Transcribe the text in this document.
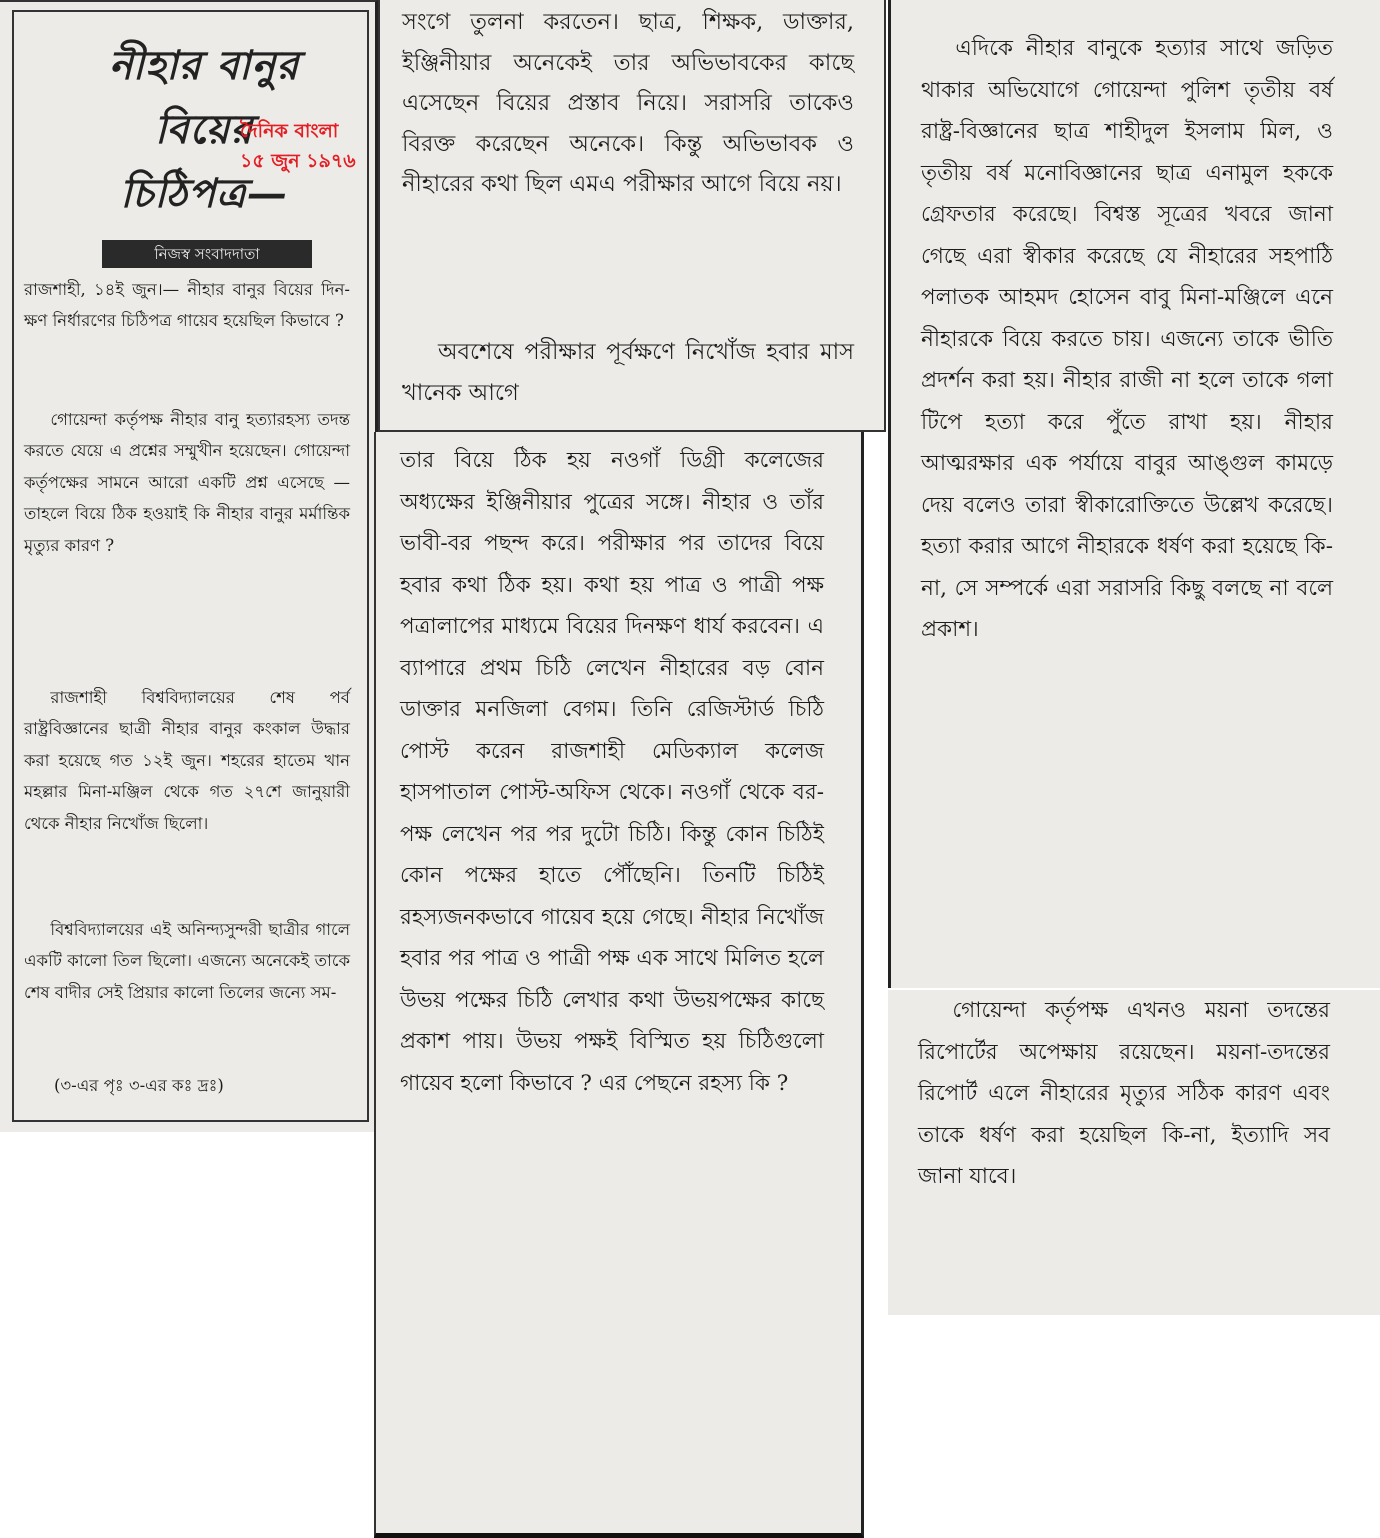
নীহার বানুর
বিয়ের
চিঠিপত্র—
নিজস্ব সংবাদদাতা
রাজশাহী, ১৪ই জুন।— নীহার বানুর বিয়ের দিন-ক্ষণ নির্ধারণের চিঠিপত্র গায়েব হয়েছিল কিভাবে ?
গোয়েন্দা কর্তৃপক্ষ নীহার বানু হত্যারহস্য তদন্ত করতে যেয়ে এ প্রশ্নের সম্মুখীন হয়েছেন। গোয়েন্দা কর্তৃপক্ষের সামনে আরো একটি প্রশ্ন এসেছে —তাহলে বিয়ে ঠিক হওয়াই কি নীহার বানুর মর্মান্তিক মৃত্যুর কারণ ?
রাজশাহী বিশ্ববিদ্যালয়ের শেষ পর্ব রাষ্ট্রবিজ্ঞানের ছাত্রী নীহার বানুর কংকাল উদ্ধার করা হয়েছে গত ১২ই জুন। শহরের হাতেম খান মহল্লার মিনা-মঞ্জিল থেকে গত ২৭শে জানুয়ারী থেকে নীহার নিখোঁজ ছিলো।
বিশ্ববিদ্যালয়ের এই অনিন্দ্যসুন্দরী ছাত্রীর গালে একটি কালো তিল ছিলো। এজন্যে অনেকেই তাকে শেষ বাদীর সেই প্রিয়ার কালো তিলের জন্যে সম-
(৩-এর পৃঃ ৩-এর কঃ দ্রঃ)
দৈনিক বাংলা
১৫ জুন ১৯৭৬
সংগে তুলনা করতেন। ছাত্র, শিক্ষক, ডাক্তার, ইঞ্জিনীয়ার অনেকেই তার অভিভাবকের কাছে এসেছেন বিয়ের প্রস্তাব নিয়ে। সরাসরি তাকেও বিরক্ত করেছেন অনেকে। কিন্তু অভিভাবক ও নীহারের কথা ছিল এমএ পরীক্ষার আগে বিয়ে নয়।
অবশেষে পরীক্ষার পূর্বক্ষণে নিখোঁজ হবার মাস খানেক আগে
তার বিয়ে ঠিক হয় নওগাঁ ডিগ্রী কলেজের অধ্যক্ষের ইঞ্জিনীয়ার পুত্রের সঙ্গে। নীহার ও তাঁর ভাবী-বর পছন্দ করে। পরীক্ষার পর তাদের বিয়ে হবার কথা ঠিক হয়। কথা হয় পাত্র ও পাত্রী পক্ষ পত্রালাপের মাধ্যমে বিয়ের দিনক্ষণ ধার্য করবেন। এ ব্যাপারে প্রথম চিঠি লেখেন নীহারের বড় বোন ডাক্তার মনজিলা বেগম। তিনি রেজিস্টার্ড চিঠি পোস্ট করেন রাজশাহী মেডিক্যাল কলেজ হাসপাতাল পোস্ট-অফিস থেকে। নওগাঁ থেকে বর-পক্ষ লেখেন পর পর দুটো চিঠি। কিন্তু কোন চিঠিই কোন পক্ষের হাতে পৌঁছেনি। তিনটি চিঠিই রহস্যজনকভাবে গায়েব হয়ে গেছে। নীহার নিখোঁজ হবার পর পাত্র ও পাত্রী পক্ষ এক সাথে মিলিত হলে উভয় পক্ষের চিঠি লেখার কথা উভয়পক্ষের কাছে প্রকাশ পায়। উভয় পক্ষই বিস্মিত হয় চিঠিগুলো গায়েব হলো কিভাবে ? এর পেছনে রহস্য কি ?
এদিকে নীহার বানুকে হত্যার সাথে জড়িত থাকার অভিযোগে গোয়েন্দা পুলিশ তৃতীয় বর্ষ রাষ্ট্র-বিজ্ঞানের ছাত্র শাহীদুল ইসলাম মিল, ও তৃতীয় বর্ষ মনোবিজ্ঞানের ছাত্র এনামুল হককে গ্রেফতার করেছে। বিশ্বস্ত সূত্রের খবরে জানা গেছে এরা স্বীকার করেছে যে নীহারের সহপাঠি পলাতক আহমদ হোসেন বাবু মিনা-মঞ্জিলে এনে নীহারকে বিয়ে করতে চায়। এজন্যে তাকে ভীতি প্রদর্শন করা হয়। নীহার রাজী না হলে তাকে গলা টিপে হত্যা করে পুঁতে রাখা হয়। নীহার আত্মরক্ষার এক পর্যায়ে বাবুর আঙ্গুল কামড়ে দেয় বলেও তারা স্বীকারোক্তিতে উল্লেখ করেছে। হত্যা করার আগে নীহারকে ধর্ষণ করা হয়েছে কি-না, সে সম্পর্কে এরা সরাসরি কিছু বলছে না বলে প্রকাশ।
গোয়েন্দা কর্তৃপক্ষ এখনও ময়না তদন্তের রিপোর্টের অপেক্ষায় রয়েছেন। ময়না-তদন্তের রিপোর্ট এলে নীহারের মৃত্যুর সঠিক কারণ এবং তাকে ধর্ষণ করা হয়েছিল কি-না, ইত্যাদি সব জানা যাবে।
